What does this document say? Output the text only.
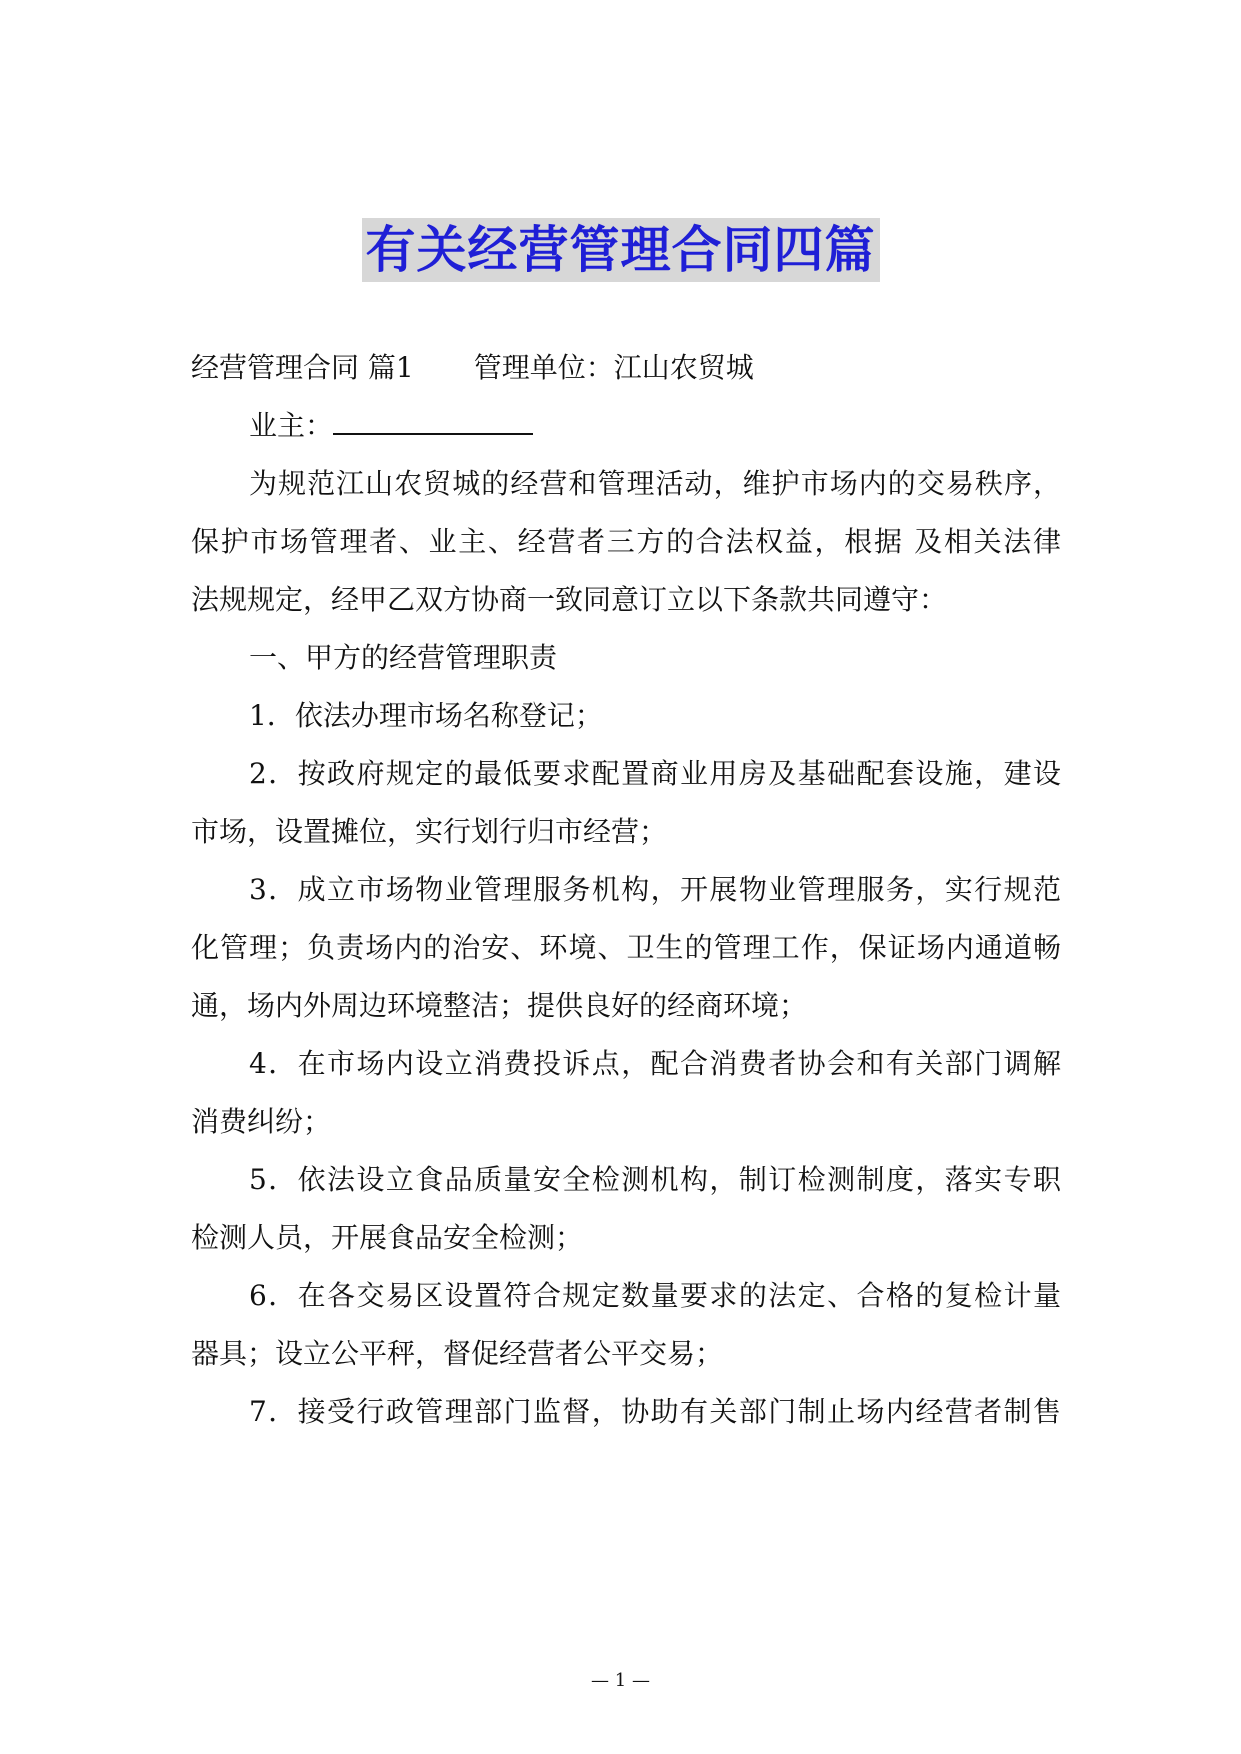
有关经营管理合同四篇
经营管理合同 篇1 管理单位：江山农贸城
业主：
为规范江山农贸城的经营和管理活动，维护市场内的交易秩序，
保护市场管理者、业主、经营者三方的合法权益，根据 及相关法律
法规规定，经甲乙双方协商一致同意订立以下条款共同遵守：
一、甲方的经营管理职责
1．依法办理市场名称登记；
2．按政府规定的最低要求配置商业用房及基础配套设施，建设
市场，设置摊位，实行划行归市经营；
3．成立市场物业管理服务机构，开展物业管理服务，实行规范
化管理；负责场内的治安、环境、卫生的管理工作，保证场内通道畅
通，场内外周边环境整洁；提供良好的经商环境；
4．在市场内设立消费投诉点，配合消费者协会和有关部门调解
消费纠纷；
5．依法设立食品质量安全检测机构，制订检测制度，落实专职
检测人员，开展食品安全检测；
6．在各交易区设置符合规定数量要求的法定、合格的复检计量
器具；设立公平秤，督促经营者公平交易；
7．接受行政管理部门监督，协助有关部门制止场内经营者制售
— 1 —
